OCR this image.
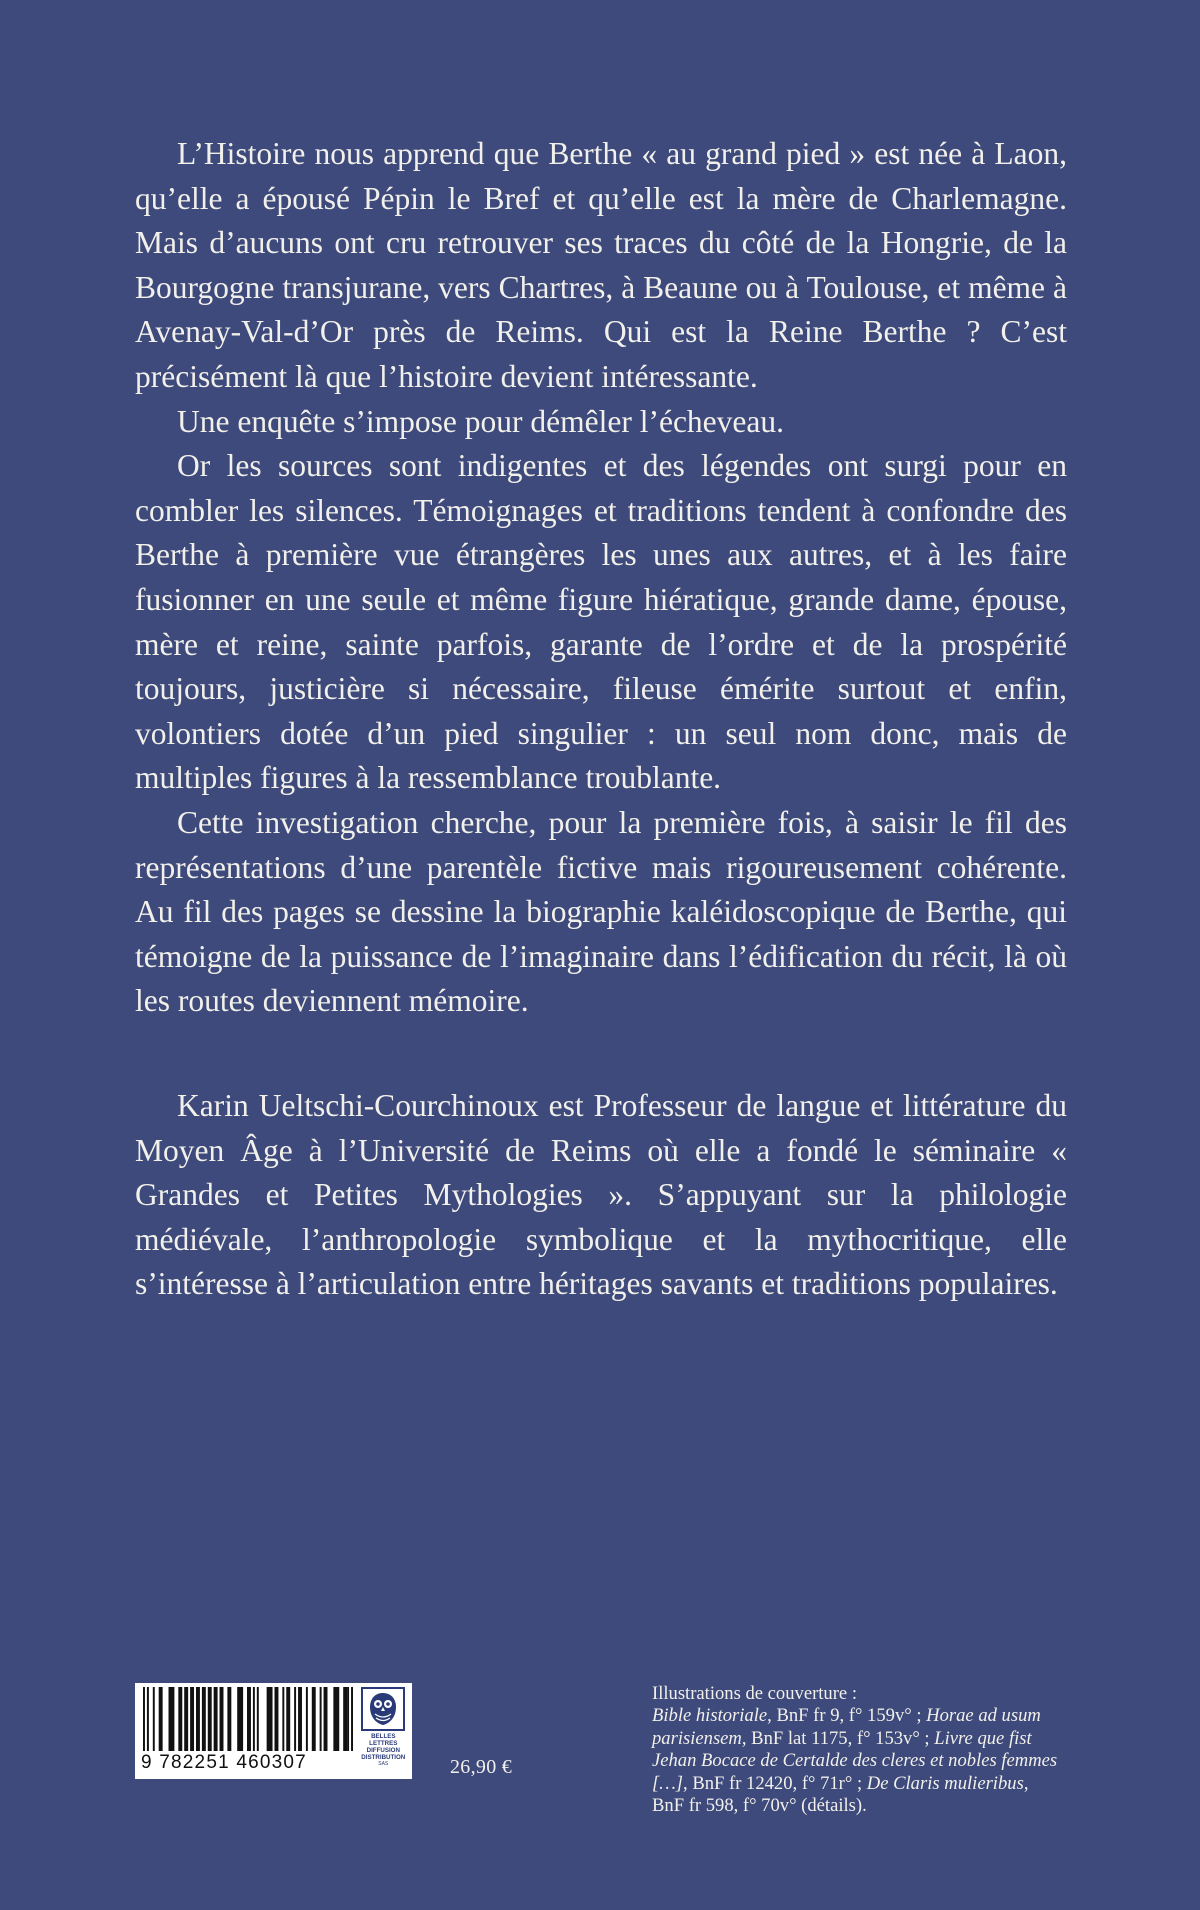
L’Histoire nous apprend que Berthe « au grand pied » est née à Laon, qu’elle a épousé Pépin le Bref et qu’elle est la mère de Charlemagne. Mais d’aucuns ont cru retrouver ses traces du côté de la Hongrie, de la Bourgogne transjurane, vers Chartres, à Beaune ou à Toulouse, et même à Avenay-Val-d’Or près de Reims. Qui est la Reine Berthe ? C’est précisément là que l’histoire devient intéressante.

Une enquête s’impose pour démêler l’écheveau.

Or les sources sont indigentes et des légendes ont surgi pour en combler les silences. Témoignages et traditions tendent à confondre des Berthe à première vue étrangères les unes aux autres, et à les faire fusionner en une seule et même figure hiératique, grande dame, épouse, mère et reine, sainte parfois, garante de l’ordre et de la prospérité toujours, justicière si nécessaire, fileuse émérite surtout et enfin, volontiers dotée d’un pied singulier : un seul nom donc, mais de multiples figures à la ressemblance troublante.

Cette investigation cherche, pour la première fois, à saisir le fil des représentations d’une parentèle fictive mais rigoureusement cohérente. Au fil des pages se dessine la biographie kaléidoscopique de Berthe, qui témoigne de la puissance de l’imaginaire dans l’édification du récit, là où les routes deviennent mémoire.

Karin Ueltschi-Courchinoux est Professeur de langue et littérature du Moyen Âge à l’Université de Reims où elle a fondé le séminaire « Grandes et Petites Mythologies ». S’appuyant sur la philologie médiévale, l’anthropologie symbolique et la mythocritique, elle s’intéresse à l’articulation entre héritages savants et traditions populaires.

9 782251 460307
BELLES LETTRES
DIFFUSION
DISTRIBUTION
SAS	26,90 €
Illustrations de couverture :
Bible historiale, BnF fr 9, f° 159v° ; Horae ad usum
parisiensem, BnF lat 1175, f° 153v° ; Livre que fist
Jehan Bocace de Certalde des cleres et nobles femmes
[…], BnF fr 12420, f° 71r° ; De Claris mulieribus,
BnF fr 598, f° 70v° (détails).
